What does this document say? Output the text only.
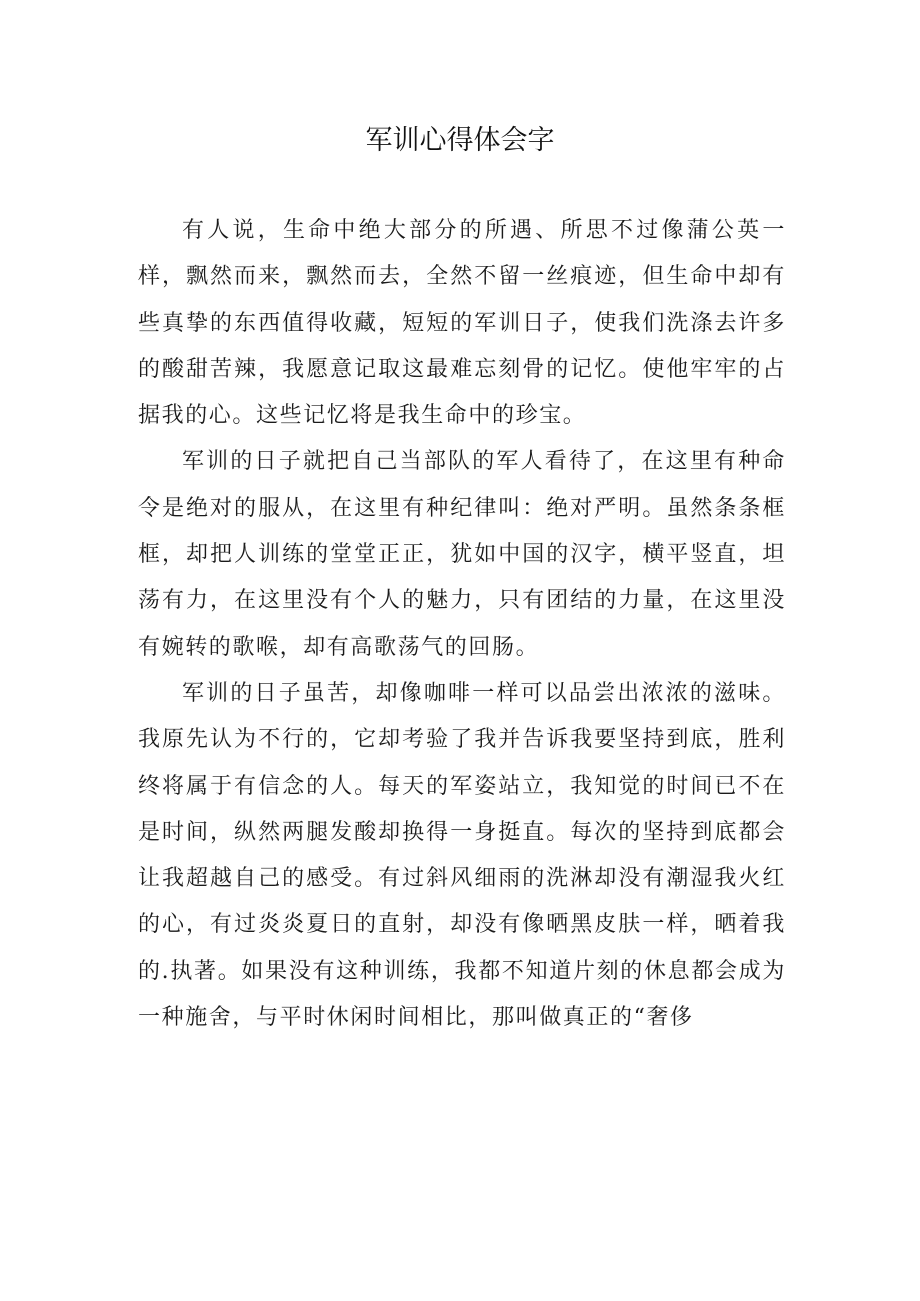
军训心得体会字

有人说，生命中绝大部分的所遇、所思不过像蒲公英一样，飘然而来，飘然而去，全然不留一丝痕迹，但生命中却有些真挚的东西值得收藏，短短的军训日子，使我们洗涤去许多的酸甜苦辣，我愿意记取这最难忘刻骨的记忆。使他牢牢的占据我的心。这些记忆将是我生命中的珍宝。

军训的日子就把自己当部队的军人看待了，在这里有种命令是绝对的服从，在这里有种纪律叫：绝对严明。虽然条条框框，却把人训练的堂堂正正，犹如中国的汉字，横平竖直，坦荡有力，在这里没有个人的魅力，只有团结的力量，在这里没有婉转的歌喉，却有高歌荡气的回肠。

军训的日子虽苦，却像咖啡一样可以品尝出浓浓的滋味。我原先认为不行的，它却考验了我并告诉我要坚持到底，胜利终将属于有信念的人。每天的军姿站立，我知觉的时间已不在是时间，纵然两腿发酸却换得一身挺直。每次的坚持到底都会让我超越自己的感受。有过斜风细雨的洗淋却没有潮湿我火红的心，有过炎炎夏日的直射，却没有像晒黑皮肤一样，晒着我的.执著。如果没有这种训练，我都不知道片刻的休息都会成为一种施舍，与平时休闲时间相比，那叫做真正的“奢侈
